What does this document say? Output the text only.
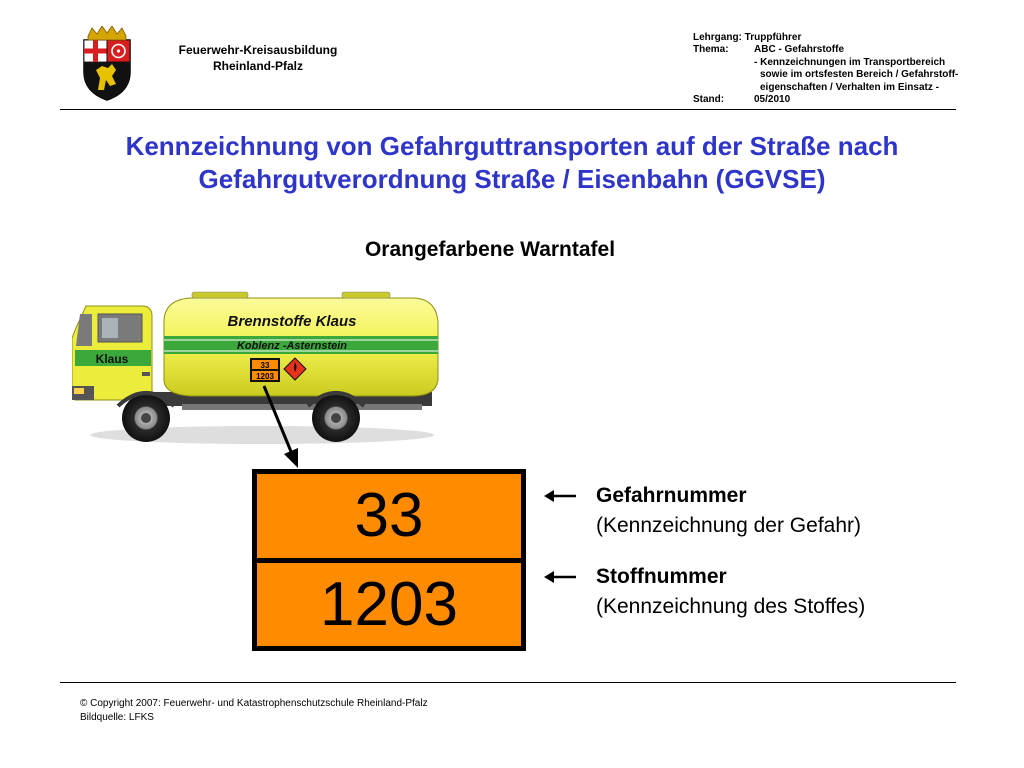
Feuerwehr-Kreisausbildung
Rheinland-Pfalz
Lehrgang:
Truppführer
Thema:	ABC - Gefahrstoffe
- Kennzeichnungen im Transportbereich
sowie im ortsfesten Bereich / Gefahrstoff-
eigenschaften / Verhalten im Einsatz -
Stand:	05/2010
Kennzeichnung von Gefahrguttransporten auf der Straße nach
Gefahrgutverordnung Straße / Eisenbahn (GGVSE)
Orangefarbene Warntafel
Brennstoffe Klaus
Koblenz -Asternstein
33
1203
Klaus
33
1203
Gefahrnummer
(Kennzeichnung der Gefahr)
Stoffnummer
(Kennzeichnung des Stoffes)
© Copyright 2007: Feuerwehr- und Katastrophenschutzschule Rheinland-Pfalz
Bildquelle: LFKS
